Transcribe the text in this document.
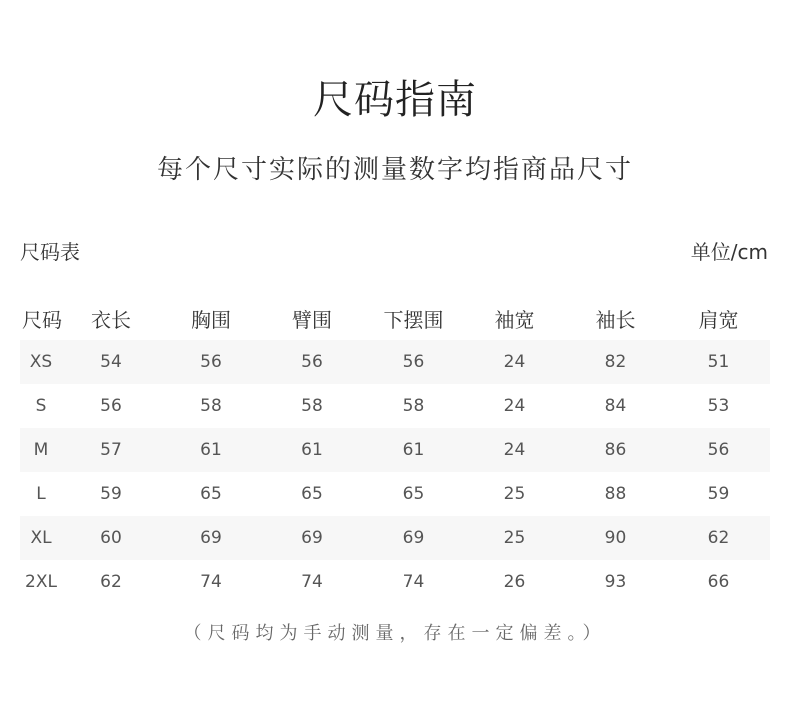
尺码指南
每个尺寸实际的测量数字均指商品尺寸
尺码表	单位/cm
尺码	衣长	胸围	臂围	下摆围	袖宽	袖长	肩宽
XS	54	56	56	56	24	82	51
S	56	58	58	58	24	84	53
M	57	61	61	61	24	86	56
L	59	65	65	65	25	88	59
XL	60	69	69	69	25	90	62
2XL	62	74	74	74	26	93	66
（尺码均为手动测量，存在一定偏差。）
